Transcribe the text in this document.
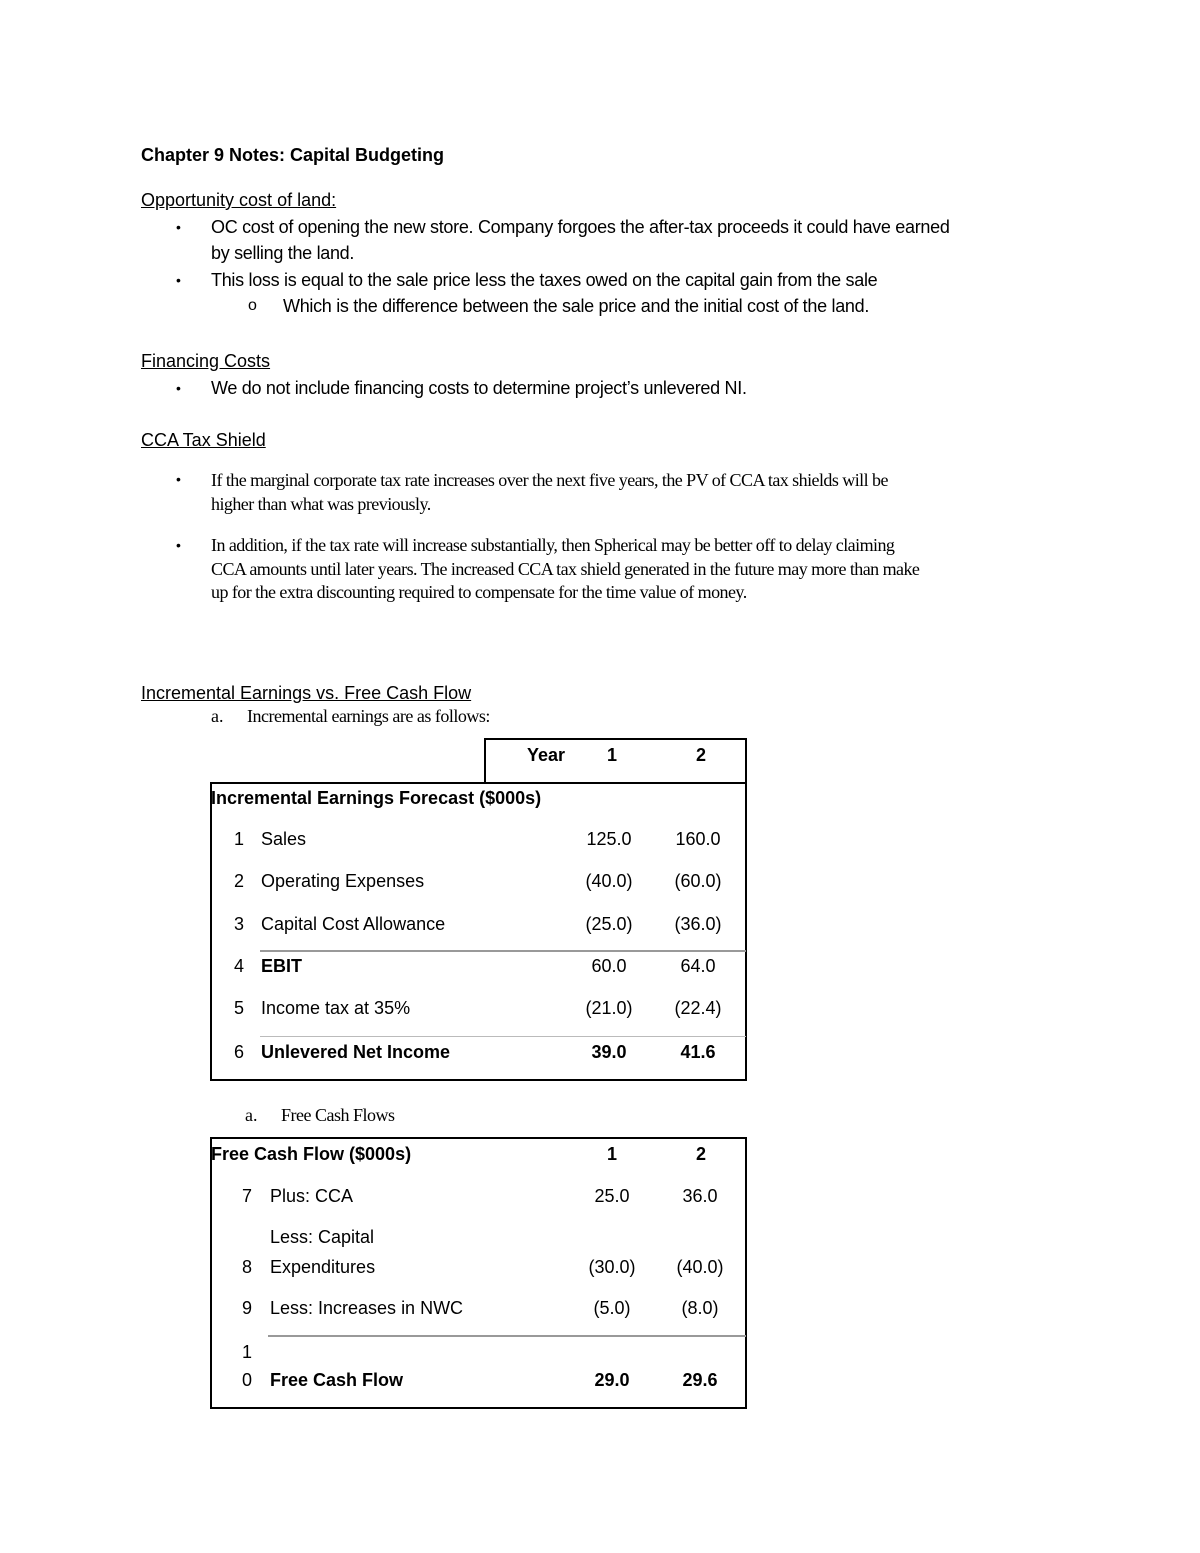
Chapter 9 Notes: Capital Budgeting
Opportunity cost of land:
• OC cost of opening the new store. Company forgoes the after-tax proceeds it could have earned
by selling the land.
• This loss is equal to the sale price less the taxes owed on the capital gain from the sale
o Which is the difference between the sale price and the initial cost of the land.
Financing Costs
• We do not include financing costs to determine project’s unlevered NI.
CCA Tax Shield
• If the marginal corporate tax rate increases over the next five years, the PV of CCA tax shields will be
higher than what was previously.
• In addition, if the tax rate will increase substantially, then Spherical may be better off to delay claiming
CCA amounts until later years. The increased CCA tax shield generated in the future may more than make
up for the extra discounting required to compensate for the time value of money.
Incremental Earnings vs. Free Cash Flow
a. Incremental earnings are as follows:
Year	1	2
Incremental Earnings Forecast ($000s)
1 Sales	125.0	160.0
2 Operating Expenses	(40.0)	(60.0)
3 Capital Cost Allowance	(25.0)	(36.0)
4 EBIT	60.0	64.0
5 Income tax at 35%	(21.0)	(22.4)
6 Unlevered Net Income	39.0	41.6
a. Free Cash Flows
Free Cash Flow ($000s)	1	2
7 Plus: CCA	25.0	36.0
Less: Capital
8 Expenditures	(30.0)	(40.0)
9 Less: Increases in NWC	(5.0)	(8.0)
1
0 Free Cash Flow	29.0	29.6
